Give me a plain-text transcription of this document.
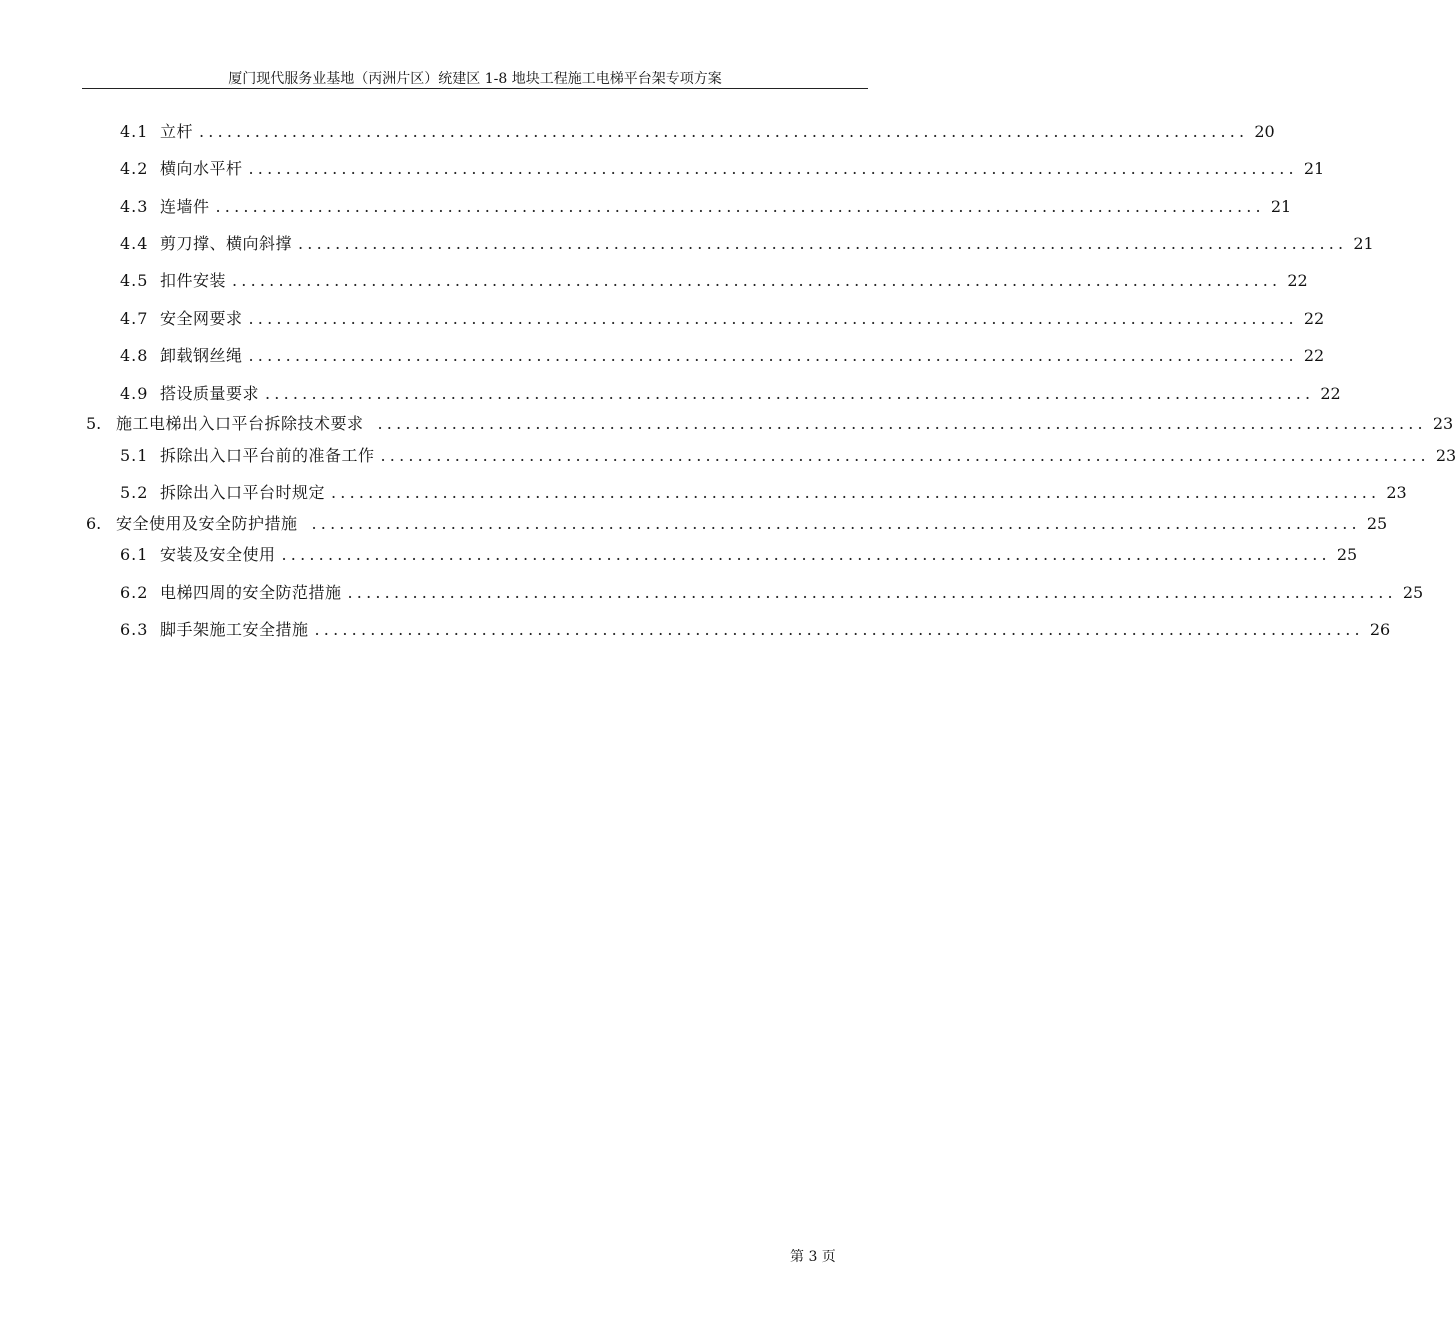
厦门现代服务业基地（丙洲片区）统建区 1-8 地块工程施工电梯平台架专项方案
4.1 立杆 ................................................................................................................. 20
4.2 横向水平杆 ................................................................................................................. 21
4.3 连墙件 ................................................................................................................. 21
4.4 剪刀撑、横向斜撑 ................................................................................................................. 21
4.5 扣件安装 ................................................................................................................. 22
4.7 安全网要求 ................................................................................................................. 22
4.8 卸载钢丝绳 ................................................................................................................. 22
4.9 搭设质量要求 ................................................................................................................. 22
5. 施工电梯出入口平台拆除技术要求 ................................................................................................................. 23
5.1 拆除出入口平台前的准备工作 ................................................................................................................. 23
5.2 拆除出入口平台时规定 ................................................................................................................. 23
6. 安全使用及安全防护措施 ................................................................................................................. 25
6.1 安装及安全使用 ................................................................................................................. 25
6.2 电梯四周的安全防范措施 ................................................................................................................. 25
6.3 脚手架施工安全措施 ................................................................................................................. 26
第 3 页
